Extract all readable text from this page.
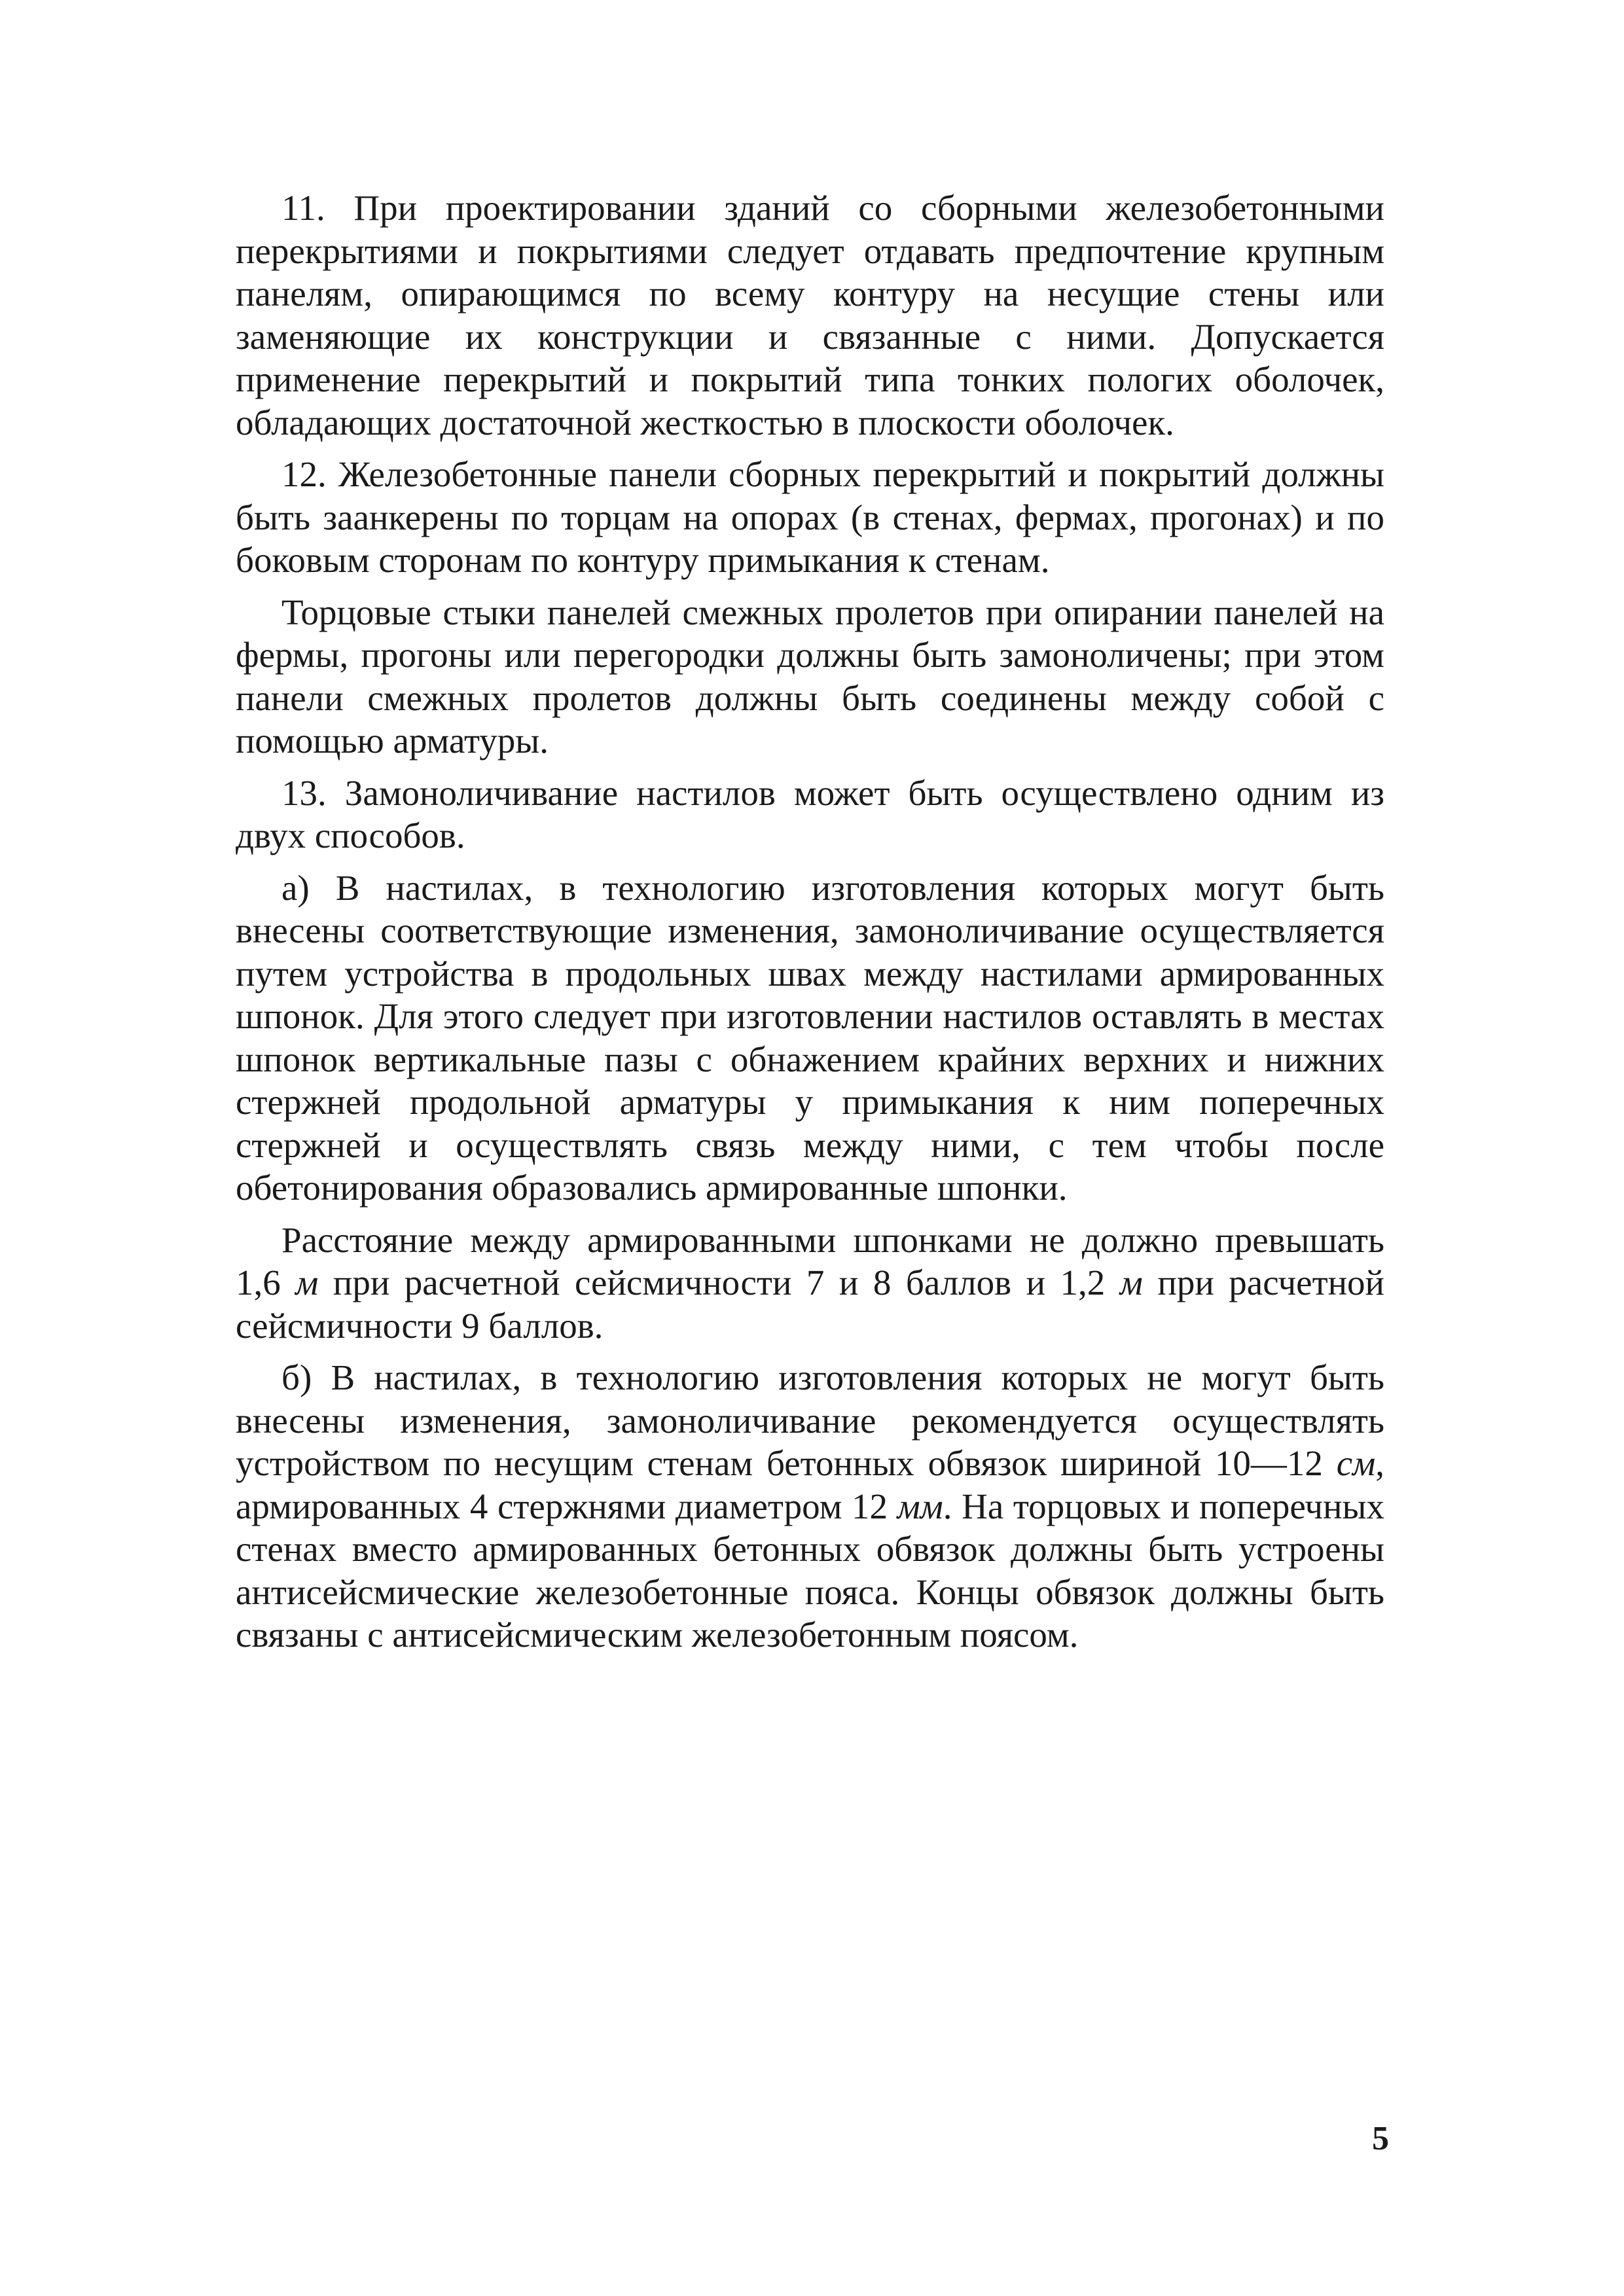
11. При проектировании зданий со сборными железобетонными перекрытиями и покрытиями следует отдавать предпочтение крупным панелям, опирающимся по всему контуру на несущие стены или заменяющие их конструкции и связанные с ними. Допускается применение перекрытий и покрытий типа тонких пологих оболочек, обладающих достаточной жесткостью в плоскости оболочек.

12. Железобетонные панели сборных перекрытий и покрытий должны быть заанкерены по торцам на опорах (в стенах, фермах, прогонах) и по боковым сторонам по контуру примыкания к стенам.

Торцовые стыки панелей смежных пролетов при опирании панелей на фермы, прогоны или перегородки должны быть замоноличены; при этом панели смежных пролетов должны быть соединены между собой с помощью арматуры.

13. Замоноличивание настилов может быть осуществлено одним из двух способов.

а) В настилах, в технологию изготовления которых могут быть внесены соответствующие изменения, замоноличивание осуществляется путем устройства в продольных швах между настилами армированных шпонок. Для этого следует при изготовлении настилов оставлять в местах шпонок вертикальные пазы с обнажением крайних верхних и нижних стержней продольной арматуры у примыкания к ним поперечных стержней и осуществлять связь между ними, с тем чтобы после обетонирования образовались армированные шпонки.

Расстояние между армированными шпонками не должно превышать 1,6 м при расчетной сейсмичности 7 и 8 баллов и 1,2 м при расчетной сейсмичности 9 баллов.

б) В настилах, в технологию изготовления которых не могут быть внесены изменения, замоноличивание рекомендуется осуществлять устройством по несущим стенам бетонных обвязок шириной 10—12 см, армированных 4 стержнями диаметром 12 мм. На торцовых и поперечных стенах вместо армированных бетонных обвязок должны быть устроены антисейсмические железобетонные пояса. Концы обвязок должны быть связаны с антисейсмическим железобетонным поясом.

5
